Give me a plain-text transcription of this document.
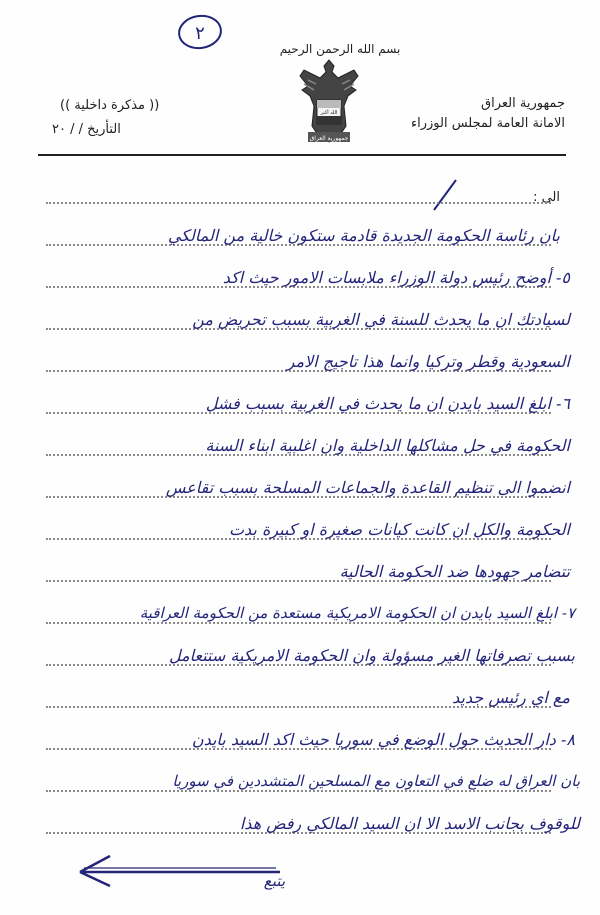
٢
بسم الله الرحمن الرحيم
الله أكبر
جمهورية العراق
(( مذكرة داخلية ))
التأريخ / / ٢٠
جمهورية العراق
الامانة العامة لمجلس الوزراء
الى :
بان رئاسة الحكومة الجديدة قادمة ستكون خالية من المالكي
٥- أوضح رئيس دولة الوزراء ملابسات الامور حيث اكد
لسيادتك ان ما يحدث للسنة في الغربية بسبب تحريض من
السعودية وقطر وتركيا وانما هذا تاجيج الامر
٦- ابلغ السيد بايدن ان ما يحدث في الغربية بسبب فشل
الحكومة في حل مشاكلها الداخلية وان اغلبية ابناء السنة
انضموا الى تنظيم القاعدة والجماعات المسلحة بسبب تقاعس
الحكومة والكل ان كانت كيانات صغيرة او كبيرة بدت
تتضامر جهودها ضد الحكومة الحالية
٧- ابلغ السيد بايدن ان الحكومة الامريكية مستعدة من الحكومة العراقية
بسبب تصرفاتها الغير مسؤولة وان الحكومة الامريكية ستتعامل
مع اي رئيس جديد
٨- دار الحديث حول الوضع في سوريا حيث اكد السيد بايدن
بان العراق له ضلع في التعاون مع المسلحين المتشددين في سوريا
للوقوف بجانب الاسد الا ان السيد المالكي رفض هذا
يتبع
